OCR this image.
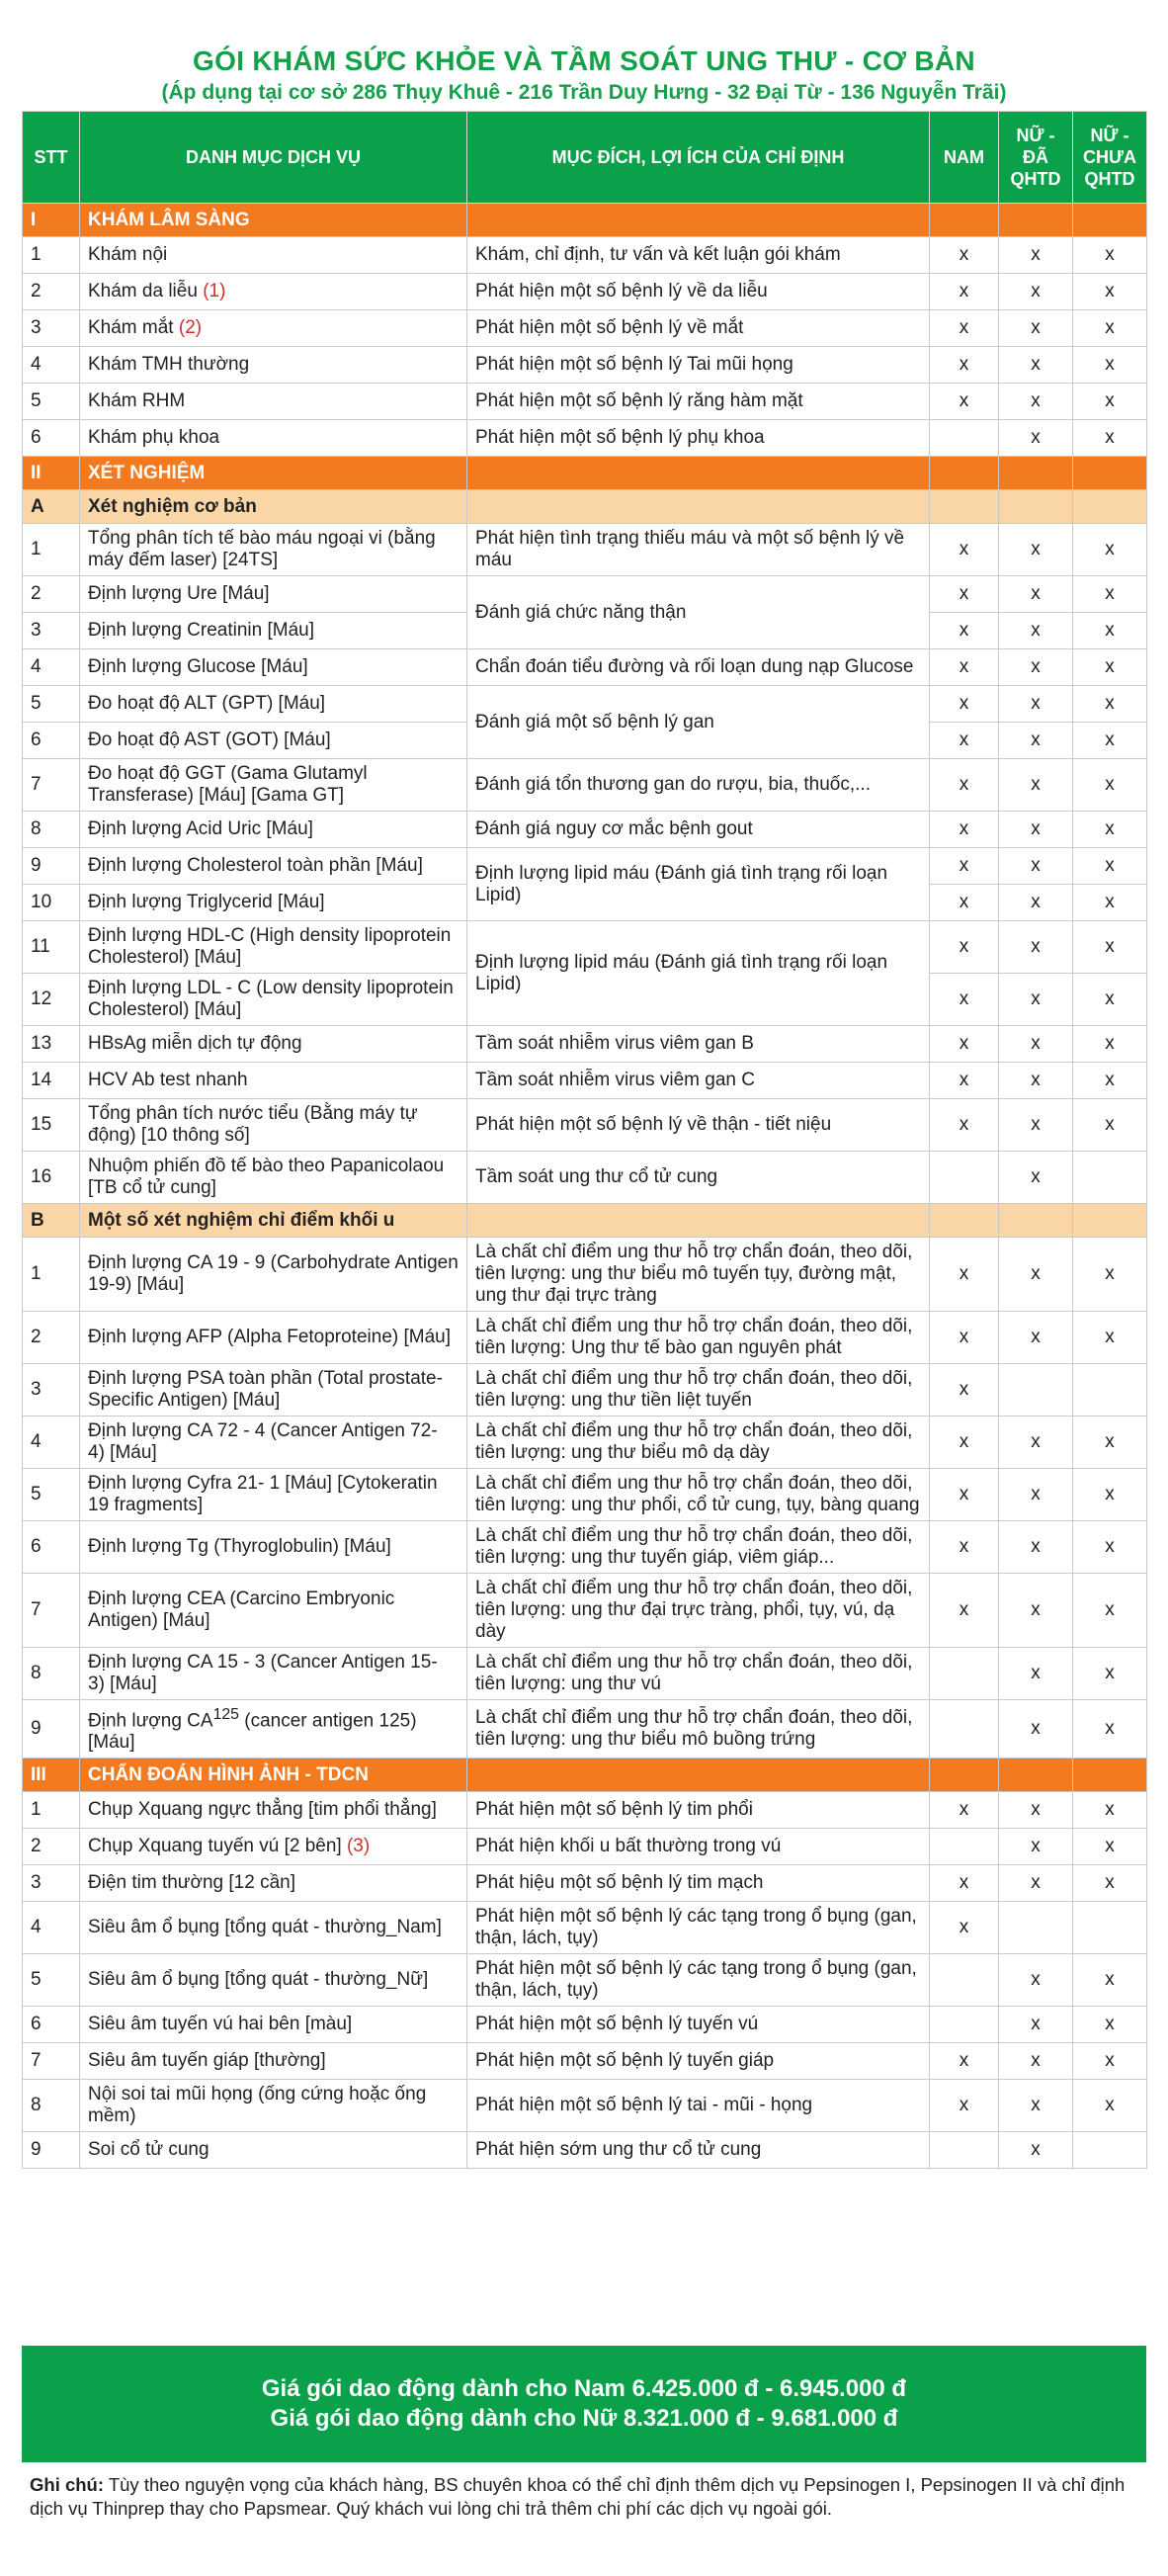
GÓI KHÁM SỨC KHỎE VÀ TẦM SOÁT UNG THƯ - CƠ BẢN
(Áp dụng tại cơ sở 286 Thụy Khuê - 216 Trần Duy Hưng - 32 Đại Từ - 136 Nguyễn Trãi)
STT	DANH MỤC DỊCH VỤ	MỤC ĐÍCH, LỢI ÍCH CỦA CHỈ ĐỊNH	NAM	NỮ - ĐÃ QHTD	NỮ - CHƯA QHTD
I	KHÁM LÂM SÀNG				
1	Khám nội	Khám, chỉ định, tư vấn và kết luận gói khám	x	x	x
2	Khám da liễu (1)	Phát hiện một số bệnh lý về da liễu	x	x	x
3	Khám mắt (2)	Phát hiện một số bệnh lý về mắt	x	x	x
4	Khám TMH thường	Phát hiện một số bệnh lý Tai mũi họng	x	x	x
5	Khám RHM	Phát hiện một số bệnh lý răng hàm mặt	x	x	x
6	Khám phụ khoa	Phát hiện một số bệnh lý phụ khoa		x	x
II	XÉT NGHIỆM				
A	Xét nghiệm cơ bản				
1	Tổng phân tích tế bào máu ngoại vi (bằng máy đếm laser) [24TS]	Phát hiện tình trạng thiếu máu và một số bệnh lý về máu	x	x	x
2	Định lượng Ure [Máu]	Đánh giá chức năng thận	x	x	x
3	Định lượng Creatinin [Máu]		x	x	x
4	Định lượng Glucose [Máu]	Chẩn đoán tiểu đường và rối loạn dung nạp Glucose	x	x	x
5	Đo hoạt độ ALT (GPT) [Máu]	Đánh giá một số bệnh lý gan	x	x	x
6	Đo hoạt độ AST (GOT) [Máu]		x	x	x
7	Đo hoạt độ GGT (Gama Glutamyl Transferase) [Máu] [Gama GT]	Đánh giá tổn thương gan do rượu, bia, thuốc,...	x	x	x
8	Định lượng Acid Uric [Máu]	Đánh giá nguy cơ mắc bệnh gout	x	x	x
9	Định lượng Cholesterol toàn phần [Máu]	Định lượng lipid máu (Đánh giá tình trạng rối loạn Lipid)	x	x	x
10	Định lượng Triglycerid [Máu]		x	x	x
11	Định lượng HDL-C (High density lipoprotein Cholesterol) [Máu]	Định lượng lipid máu (Đánh giá tình trạng rối loạn Lipid)	x	x	x
12	Định lượng LDL - C (Low density lipoprotein Cholesterol) [Máu]		x	x	x
13	HBsAg miễn dịch tự động	Tầm soát nhiễm virus viêm gan B	x	x	x
14	HCV Ab test nhanh	Tầm soát nhiễm virus viêm gan C	x	x	x
15	Tổng phân tích nước tiểu (Bằng máy tự động) [10 thông số]	Phát hiện một số bệnh lý về thận - tiết niệu	x	x	x
16	Nhuộm phiến đồ tế bào theo Papanicolaou [TB cổ tử cung]	Tầm soát ung thư cổ tử cung		x	
B	Một số xét nghiệm chỉ điểm khối u				
1	Định lượng CA 19 - 9 (Carbohydrate Antigen 19-9) [Máu]	Là chất chỉ điểm ung thư hỗ trợ chẩn đoán, theo dõi, tiên lượng: ung thư biểu mô tuyến tụy, đường mật, ung thư đại trực tràng	x	x	x
2	Định lượng AFP (Alpha Fetoproteine) [Máu]	Là chất chỉ điểm ung thư hỗ trợ chẩn đoán, theo dõi, tiên lượng: Ung thư tế bào gan nguyên phát	x	x	x
3	Định lượng PSA toàn phần (Total prostate-Specific Antigen) [Máu]	Là chất chỉ điểm ung thư hỗ trợ chẩn đoán, theo dõi, tiên lượng: ung thư tiền liệt tuyến	x		
4	Định lượng CA 72 - 4 (Cancer Antigen 72- 4) [Máu]	Là chất chỉ điểm ung thư hỗ trợ chẩn đoán, theo dõi, tiên lượng: ung thư biểu mô dạ dày	x	x	x
5	Định lượng Cyfra 21- 1 [Máu] [Cytokeratin 19 fragments]	Là chất chỉ điểm ung thư hỗ trợ chẩn đoán, theo dõi, tiên lượng: ung thư phổi, cổ tử cung, tụy, bàng quang	x	x	x
6	Định lượng Tg (Thyroglobulin) [Máu]	Là chất chỉ điểm ung thư hỗ trợ chẩn đoán, theo dõi, tiên lượng: ung thư tuyến giáp, viêm giáp...	x	x	x
7	Định lượng CEA (Carcino Embryonic Antigen) [Máu]	Là chất chỉ điểm ung thư hỗ trợ chẩn đoán, theo dõi, tiên lượng: ung thư đại trực tràng, phổi, tụy, vú, dạ dày	x	x	x
8	Định lượng CA 15 - 3 (Cancer Antigen 15- 3) [Máu]	Là chất chỉ điểm ung thư hỗ trợ chẩn đoán, theo dõi, tiên lượng: ung thư vú		x	x
9	Định lượng CA$^{125}$ (cancer antigen 125) [Máu]	Là chất chỉ điểm ung thư hỗ trợ chẩn đoán, theo dõi, tiên lượng: ung thư biểu mô buồng trứng		x	x
III	CHẨN ĐOÁN HÌNH ẢNH - TDCN				
1	Chụp Xquang ngực thẳng [tim phổi thẳng]	Phát hiện một số bệnh lý tim phổi	x	x	x
2	Chụp Xquang tuyến vú [2 bên] (3)	Phát hiện khối u bất thường trong vú		x	x
3	Điện tim thường [12 cần]	Phát hiệu một số bệnh lý tim mạch	x	x	x
4	Siêu âm ổ bụng [tổng quát - thường_Nam]	Phát hiện một số bệnh lý các tạng trong ổ bụng (gan, thận, lách, tụy)	x		
5	Siêu âm ổ bụng [tổng quát - thường_Nữ]	Phát hiện một số bệnh lý các tạng trong ổ bụng (gan, thận, lách, tụy)		x	x
6	Siêu âm tuyến vú hai bên [màu]	Phát hiện một số bệnh lý tuyến vú		x	x
7	Siêu âm tuyến giáp [thường]	Phát hiện một số bệnh lý tuyến giáp	x	x	x
8	Nội soi tai mũi họng (ống cứng hoặc ống mềm)	Phát hiện một số bệnh lý tai - mũi - họng	x	x	x
9	Soi cổ tử cung	Phát hiện sớm ung thư cổ tử cung		x	
Giá gói dao động dành cho Nam 6.425.000 đ - 6.945.000 đ
Giá gói dao động dành cho Nữ 8.321.000 đ - 9.681.000 đ
Ghi chú: Tùy theo nguyện vọng của khách hàng, BS chuyên khoa có thể chỉ định thêm dịch vụ Pepsinogen I, Pepsinogen II và chỉ định dịch vụ Thinprep thay cho Papsmear. Quý khách vui lòng chi trả thêm chi phí các dịch vụ ngoài gói.
